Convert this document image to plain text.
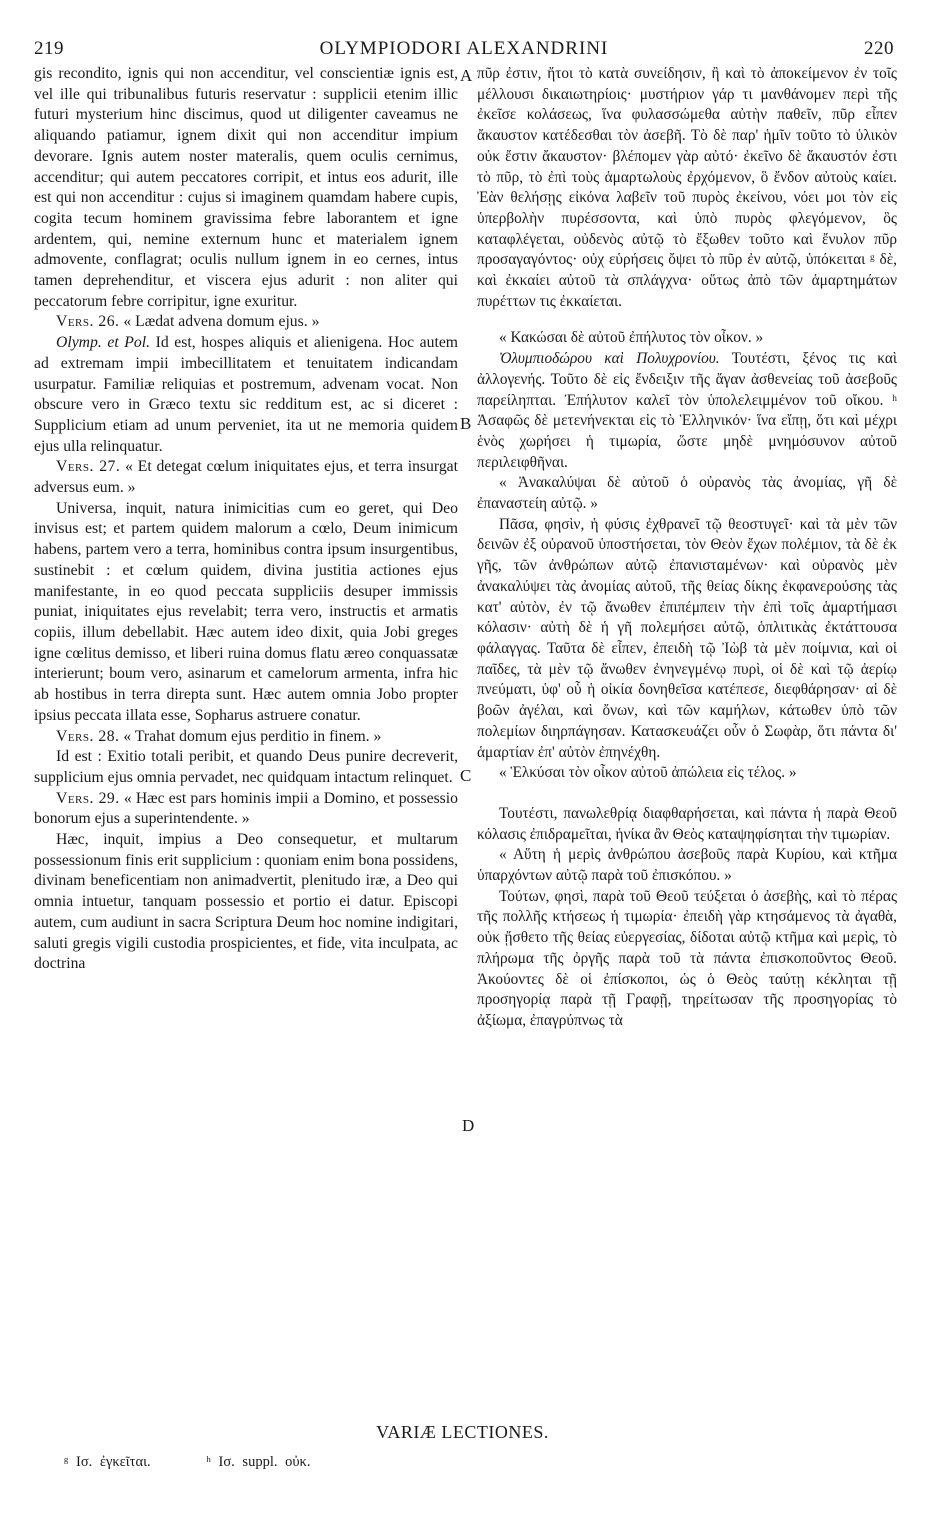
219	OLYMPIODORI ALEXANDRINI	220
A
B
C
D

gis recondito, ignis qui non accenditur, vel conscientiæ ignis est, vel ille qui tribunalibus futuris reservatur : supplicii etenim illic futuri mysterium hinc discimus, quod ut diligenter caveamus ne aliquando patiamur, ignem dixit qui non accenditur impium devorare. Ignis autem noster materalis, quem oculis cernimus, accenditur; qui autem peccatores corripit, et intus eos adurit, ille est qui non accenditur : cujus si imaginem quamdam habere cupis, cogita tecum hominem gravissima febre laborantem et igne ardentem, qui, nemine externum hunc et materialem ignem admovente, conflagrat; oculis nullum ignem in eo cernes, intus tamen deprehenditur, et viscera ejus adurit : non aliter qui peccatorum febre corripitur, igne exuritur.

Vers. 26. « Lædat advena domum ejus. »

Olymp. et Pol. Id est, hospes aliquis et alienigena. Hoc autem ad extremam impii imbecillitatem et tenuitatem indicandam usurpatur. Familiæ reliquias et postremum, advenam vocat. Non obscure vero in Græco textu sic redditum est, ac si diceret : Supplicium etiam ad unum perveniet, ita ut ne memoria quidem ejus ulla relinquatur.

Vers. 27. « Et detegat cœlum iniquitates ejus, et terra insurgat adversus eum. »

Universa, inquit, natura inimicitias cum eo geret, qui Deo invisus est; et partem quidem malorum a cœlo, Deum inimicum habens, partem vero a terra, hominibus contra ipsum insurgentibus, sustinebit : et cœlum quidem, divina justitia actiones ejus manifestante, in eo quod peccata suppliciis desuper immissis puniat, iniquitates ejus revelabit; terra vero, instructis et armatis copiis, illum debellabit. Hæc autem ideo dixit, quia Jobi greges igne cœlitus demisso, et liberi ruina domus flatu æreo conquassatæ interierunt; boum vero, asinarum et camelorum armenta, infra hic ab hostibus in terra direpta sunt. Hæc autem omnia Jobo propter ipsius peccata illata esse, Sopharus astruere conatur.

Vers. 28. « Trahat domum ejus perditio in finem. »

Id est : Exitio totali peribit, et quando Deus punire decreverit, supplicium ejus omnia pervadet, nec quidquam intactum relinquet.

Vers. 29. « Hæc est pars hominis impii a Domino, et possessio bonorum ejus a superintendente. »

Hæc, inquit, impius a Deo consequetur, et multarum possessionum finis erit supplicium : quoniam enim bona possidens, divinam beneficentiam non animadvertit, plenitudo iræ, a Deo qui omnia intuetur, tanquam possessio et portio ei datur. Episcopi autem, cum audiunt in sacra Scriptura Deum hoc nomine indigitari, saluti gregis vigili custodia prospicientes, et fide, vita inculpata, ac doctrina

πῦρ ἐστιν, ἤτοι τὸ κατὰ συνείδησιν, ἢ καὶ τὸ ἀποκείμενον ἐν τοῖς μέλλουσι δικαιωτηρίοις· μυστήριον γάρ τι μανθάνομεν περὶ τῆς ἐκεῖσε κολάσεως, ἵνα φυλασσώμεθα αὐτὴν παθεῖν, πῦρ εἶπεν ἄκαυστον κατέδεσθαι τὸν ἀσεβῆ. Τὸ δὲ παρ' ἡμῖν τοῦτο τὸ ὑλικὸν οὐκ ἔστιν ἄκαυστον· βλέπομεν γὰρ αὐτό· ἐκεῖνο δὲ ἄκαυστόν ἐστι τὸ πῦρ, τὸ ἐπὶ τοὺς ἁμαρτωλοὺς ἐρχόμενον, ὃ ἔνδον αὐτοὺς καίει. Ἐὰν θελήσῃς εἰκόνα λαβεῖν τοῦ πυρὸς ἐκείνου, νόει μοι τὸν εἰς ὑπερβολὴν πυρέσσοντα, καὶ ὑπὸ πυρὸς φλεγόμενον, ὃς καταφλέγεται, οὐδενὸς αὐτῷ τὸ ἔξωθεν τοῦτο καὶ ἔνυλον πῦρ προσαγαγόντος· οὐχ εὑρήσεις ὄψει τὸ πῦρ ἐν αὐτῷ, ὑπόκειται ᵍ δὲ, καὶ ἐκκαίει αὐτοῦ τὰ σπλάγχνα· οὕτως ἀπὸ τῶν ἁμαρτημάτων πυρέττων τις ἐκκαίεται.

« Κακώσαι δὲ αὐτοῦ ἐπήλυτος τὸν οἶκον. »

Ὀλυμπιοδώρου καὶ Πολυχρονίου. Τουτέστι, ξένος τις καὶ ἀλλογενής. Τοῦτο δὲ εἰς ἔνδειξιν τῆς ἄγαν ἀσθενείας τοῦ ἀσεβοῦς παρείληπται. Ἐπήλυτον καλεῖ τὸν ὑπολελειμμένον τοῦ οἴκου. ʰ Ἀσαφῶς δὲ μετενήνεκται εἰς τὸ Ἑλληνικόν· ἵνα εἴπῃ, ὅτι καὶ μέχρι ἑνὸς χωρήσει ἡ τιμωρία, ὥστε μηδὲ μνημόσυνον αὐτοῦ περιλειφθῆναι.

« Ἀνακαλύψαι δὲ αὐτοῦ ὁ οὐρανὸς τὰς ἀνομίας, γῆ δὲ ἐπαναστείη αὐτῷ. »

Πᾶσα, φησὶν, ἡ φύσις ἐχθρανεῖ τῷ θεοστυγεῖ· καὶ τὰ μὲν τῶν δεινῶν ἐξ οὐρανοῦ ὑποστήσεται, τὸν Θεὸν ἔχων πολέμιον, τὰ δὲ ἐκ γῆς, τῶν ἀνθρώπων αὐτῷ ἐπανισταμένων· καὶ οὐρανὸς μὲν ἀνακαλύψει τὰς ἀνομίας αὐτοῦ, τῆς θείας δίκης ἐκφανερούσης τὰς κατ' αὐτὸν, ἐν τῷ ἄνωθεν ἐπιπέμπειν τὴν ἐπὶ τοῖς ἁμαρτήμασι κόλασιν· αὐτὴ δὲ ἡ γῆ πολεμήσει αὐτῷ, ὁπλιτικὰς ἐκτάττουσα φάλαγγας. Ταῦτα δὲ εἶπεν, ἐπειδὴ τῷ Ἰὼβ τὰ μὲν ποίμνια, καὶ οἱ παῖδες, τὰ μὲν τῷ ἄνωθεν ἐνηνεγμένῳ πυρὶ, οἱ δὲ καὶ τῷ ἀερίῳ πνεύματι, ὑφ' οὗ ἡ οἰκία δονηθεῖσα κατέπεσε, διεφθάρησαν· αἱ δὲ βοῶν ἀγέλαι, καὶ ὄνων, καὶ τῶν καμήλων, κάτωθεν ὑπὸ τῶν πολεμίων διηρπάγησαν. Κατασκευάζει οὖν ὁ Σωφὰρ, ὅτι πάντα δι' ἁμαρτίαν ἐπ' αὐτὸν ἐπηνέχθη.

« Ἑλκύσαι τὸν οἶκον αὐτοῦ ἀπώλεια εἰς τέλος. »

Τουτέστι, πανωλεθρίᾳ διαφθαρήσεται, καὶ πάντα ἡ παρὰ Θεοῦ κόλασις ἐπιδραμεῖται, ἡνίκα ἂν Θεὸς καταψηφίσηται τὴν τιμωρίαν.

« Αὕτη ἡ μερὶς ἀνθρώπου ἀσεβοῦς παρὰ Κυρίου, καὶ κτῆμα ὑπαρχόντων αὐτῷ παρὰ τοῦ ἐπισκόπου. »

Τούτων, φησὶ, παρὰ τοῦ Θεοῦ τεύξεται ὁ ἀσεβὴς, καὶ τὸ πέρας τῆς πολλῆς κτήσεως ἡ τιμωρία· ἐπειδὴ γὰρ κτησάμενος τὰ ἀγαθὰ, οὐκ ᾔσθετο τῆς θείας εὐεργεσίας, δίδοται αὐτῷ κτῆμα καὶ μερὶς, τὸ πλήρωμα τῆς ὀργῆς παρὰ τοῦ τὰ πάντα ἐπισκοποῦντος Θεοῦ. Ἀκούοντες δὲ οἱ ἐπίσκοποι, ὡς ὁ Θεὸς ταύτῃ κέκληται τῇ προσηγορίᾳ παρὰ τῇ Γραφῇ, τηρείτωσαν τῆς προσηγορίας τὸ ἀξίωμα, ἐπαγρύπνως τὰ

VARIÆ LECTIONES.
ᵍ Ισ. ἐγκεῖται.	ʰ Ισ. suppl. οὐκ.
